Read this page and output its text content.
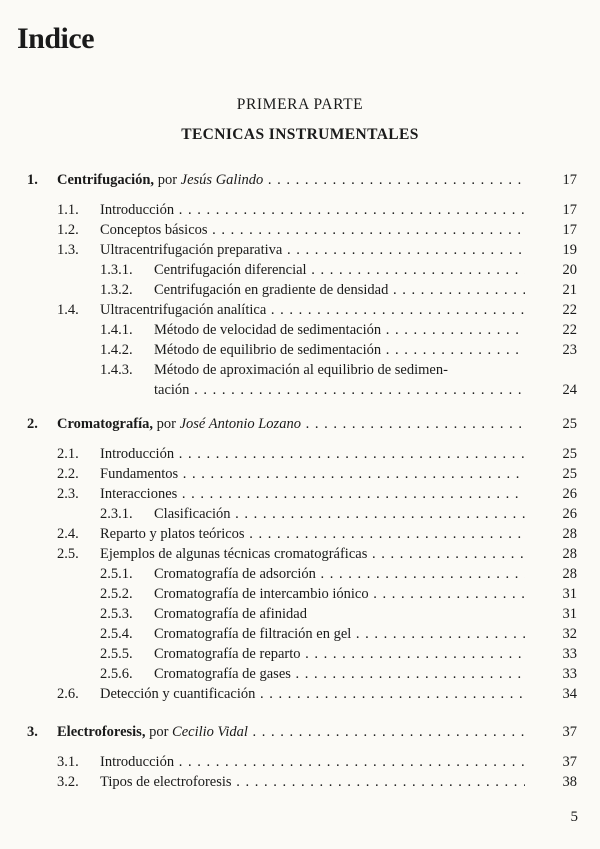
Indice
PRIMERA PARTE
TECNICAS INSTRUMENTALES
1. Centrifugación, por Jesús Galindo . . .	17
1.1. Introducción . . .	17
1.2. Conceptos básicos . . .	17
1.3. Ultracentrifugación preparativa . . .	19
1.3.1. Centrifugación diferencial . . .	20
1.3.2. Centrifugación en gradiente de densidad . . .	21
1.4. Ultracentrifugación analítica . . .	22
1.4.1. Método de velocidad de sedimentación . . .	22
1.4.2. Método de equilibrio de sedimentación . . .	23
1.4.3. Método de aproximación al equilibrio de sedimen-
tación . . .	24
2. Cromatografía, por José Antonio Lozano . . .	25
2.1. Introducción . . .	25
2.2. Fundamentos . . .	25
2.3. Interacciones . . .	26
2.3.1. Clasificación . . .	26
2.4. Reparto y platos teóricos . . .	28
2.5. Ejemplos de algunas técnicas cromatográficas . . .	28
2.5.1. Cromatografía de adsorción . . .	28
2.5.2. Cromatografía de intercambio iónico . . .	31
2.5.3. Cromatografía de afinidad	31
2.5.4. Cromatografía de filtración en gel . . .	32
2.5.5. Cromatografía de reparto . . .	33
2.5.6. Cromatografía de gases . . .	33
2.6. Detección y cuantificación . . .	34
3. Electroforesis, por Cecilio Vidal . . .	37
3.1. Introducción . . .	37
3.2. Tipos de electroforesis . . .	38
5
